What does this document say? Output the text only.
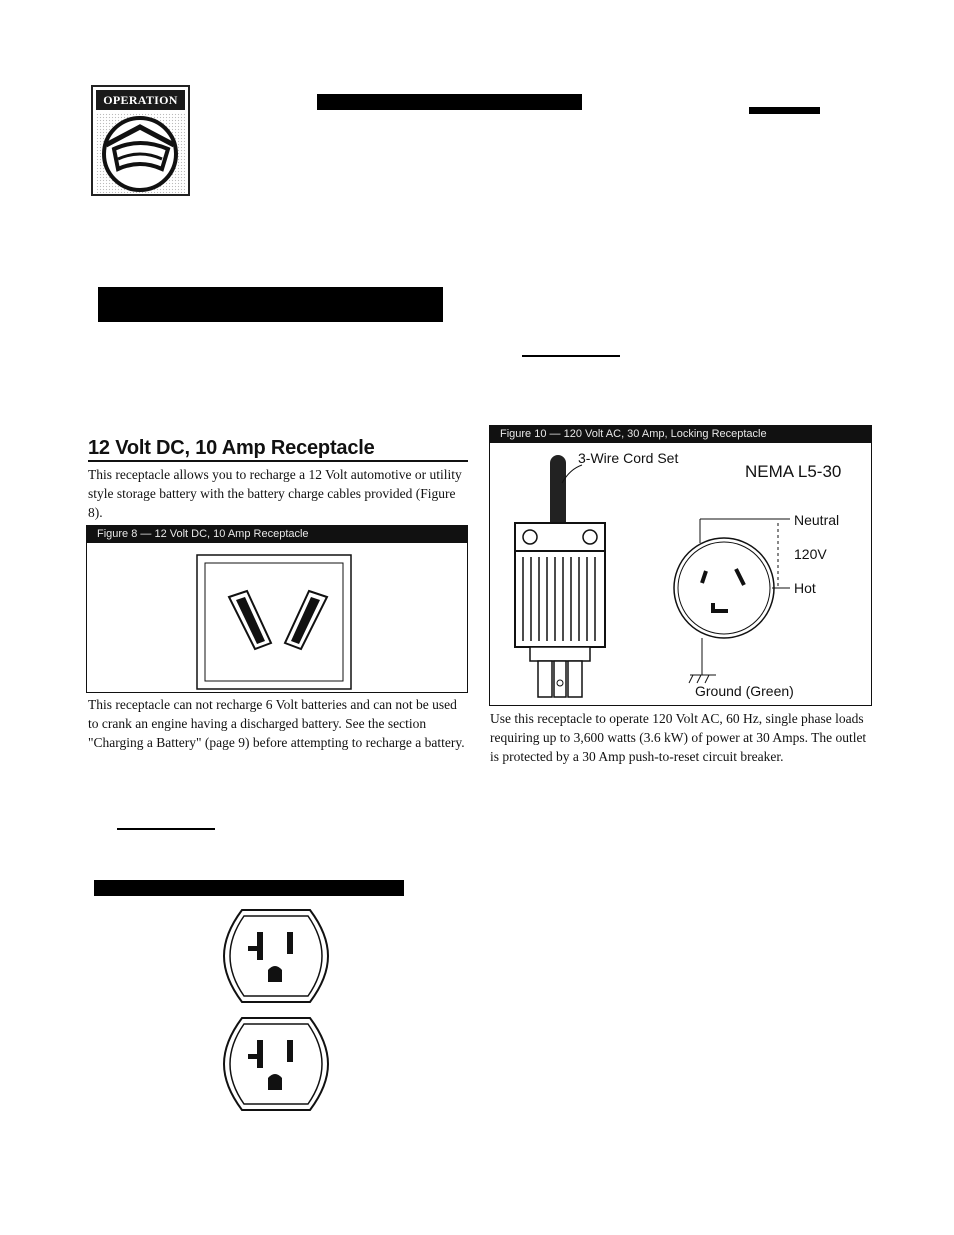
OPERATION
12 Volt DC, 10 Amp Receptacle
This receptacle allows you to recharge a 12 Volt automotive or utility style storage battery with the battery charge cables provided (Figure 8).
Figure 8 — 12 Volt DC, 10 Amp Receptacle
This receptacle can not recharge 6 Volt batteries and can not be used to crank an engine having a discharged battery. See the section "Charging a Battery" (page 9) before attempting to recharge a battery.
Figure 10 — 120 Volt AC, 30 Amp, Locking Receptacle
3-Wire Cord Set
NEMA L5-30
Neutral
120V
Hot
Ground (Green)
Use this receptacle to operate 120 Volt AC, 60 Hz, single phase loads requiring up to 3,600 watts (3.6 kW) of power at 30 Amps. The outlet is protected by a 30 Amp push-to-reset circuit breaker.
